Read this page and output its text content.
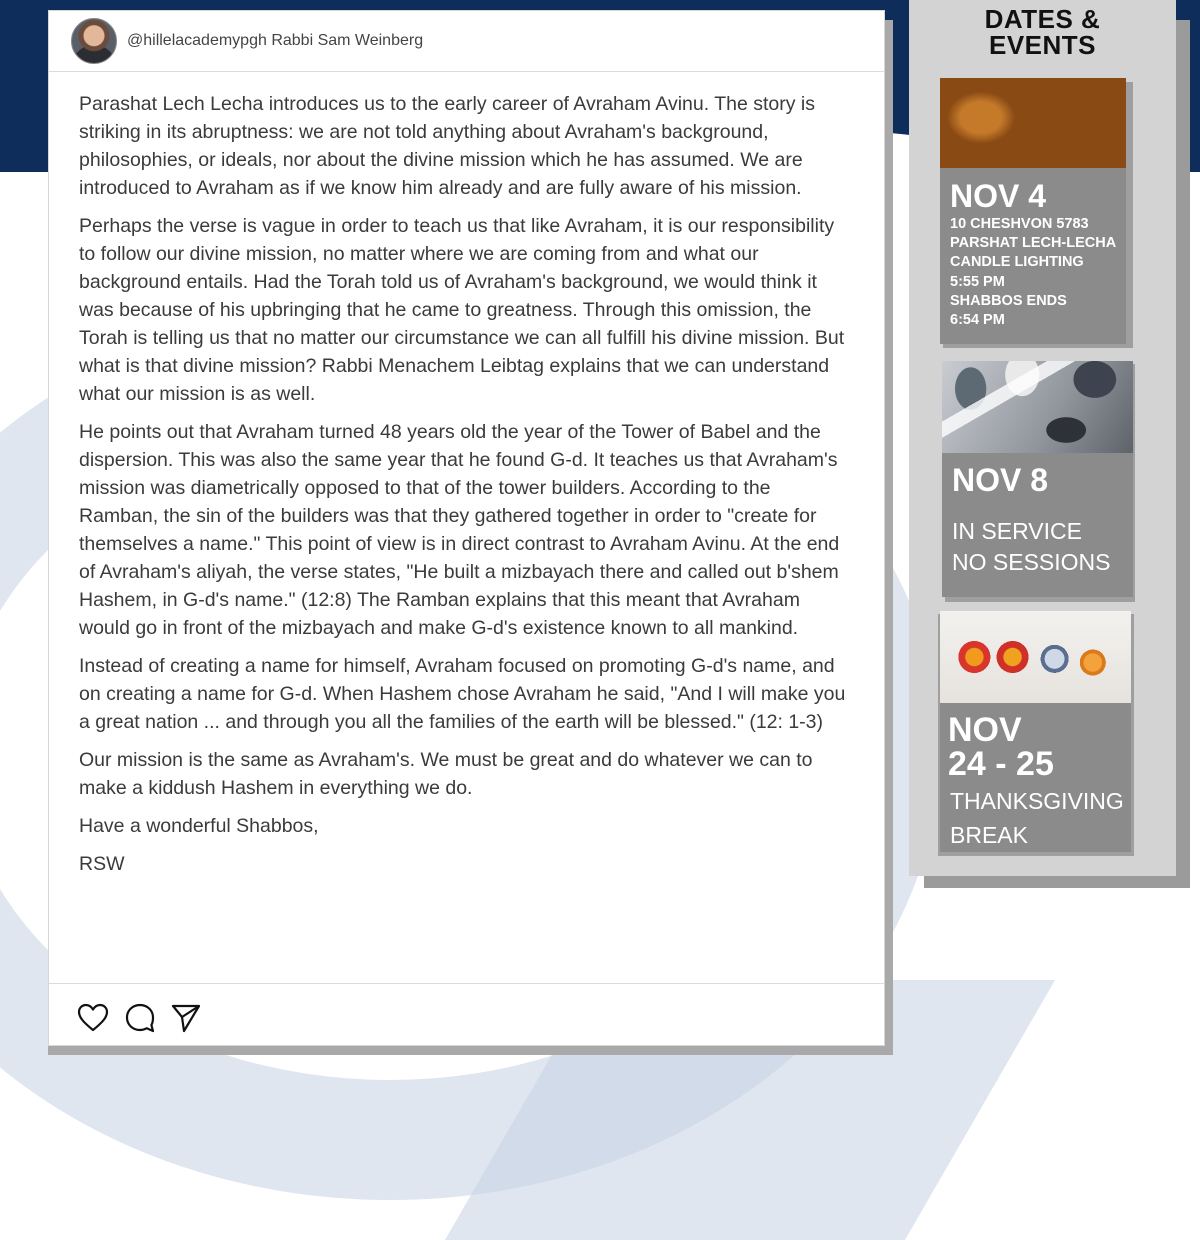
@hillelacademypgh Rabbi Sam Weinberg

Parashat Lech Lecha introduces us to the early career of Avraham Avinu. The story is striking in its abruptness: we are not told anything about Avraham's background, philosophies, or ideals, nor about the divine mission which he has assumed. We are introduced to Avraham as if we know him already and are fully aware of his mission.

Perhaps the verse is vague in order to teach us that like Avraham, it is our responsibility to follow our divine mission, no matter where we are coming from and what our background entails. Had the Torah told us of Avraham's background, we would think it was because of his upbringing that he came to greatness. Through this omission, the Torah is telling us that no matter our circumstance we can all fulfill his divine mission. But what is that divine mission? Rabbi Menachem Leibtag explains that we can understand what our mission is as well.

He points out that Avraham turned 48 years old the year of the Tower of Babel and the dispersion. This was also the same year that he found G-d. It teaches us that Avraham's mission was diametrically opposed to that of the tower builders. According to the Ramban, the sin of the builders was that they gathered together in order to "create for themselves a name." This point of view is in direct contrast to Avraham Avinu. At the end of Avraham's aliyah, the verse states, "He built a mizbayach there and called out b'shem Hashem, in G-d's name." (12:8) The Ramban explains that this meant that Avraham would go in front of the mizbayach and make G-d's existence known to all mankind.

Instead of creating a name for himself, Avraham focused on promoting G-d's name, and on creating a name for G-d. When Hashem chose Avraham he said, "And I will make you a great nation ... and through you all the families of the earth will be blessed." (12: 1-3)

Our mission is the same as Avraham's. We must be great and do whatever we can to make a kiddush Hashem in everything we do.

Have a wonderful Shabbos,

RSW

DATES &
EVENTS
NOV 4
10 CHESHVON 5783
PARSHAT LECH-LECHA
CANDLE LIGHTING
5:55 PM
SHABBOS ENDS
6:54 PM
NOV 8
IN SERVICE
NO SESSIONS
NOV
24 - 25
THANKSGIVING
BREAK
